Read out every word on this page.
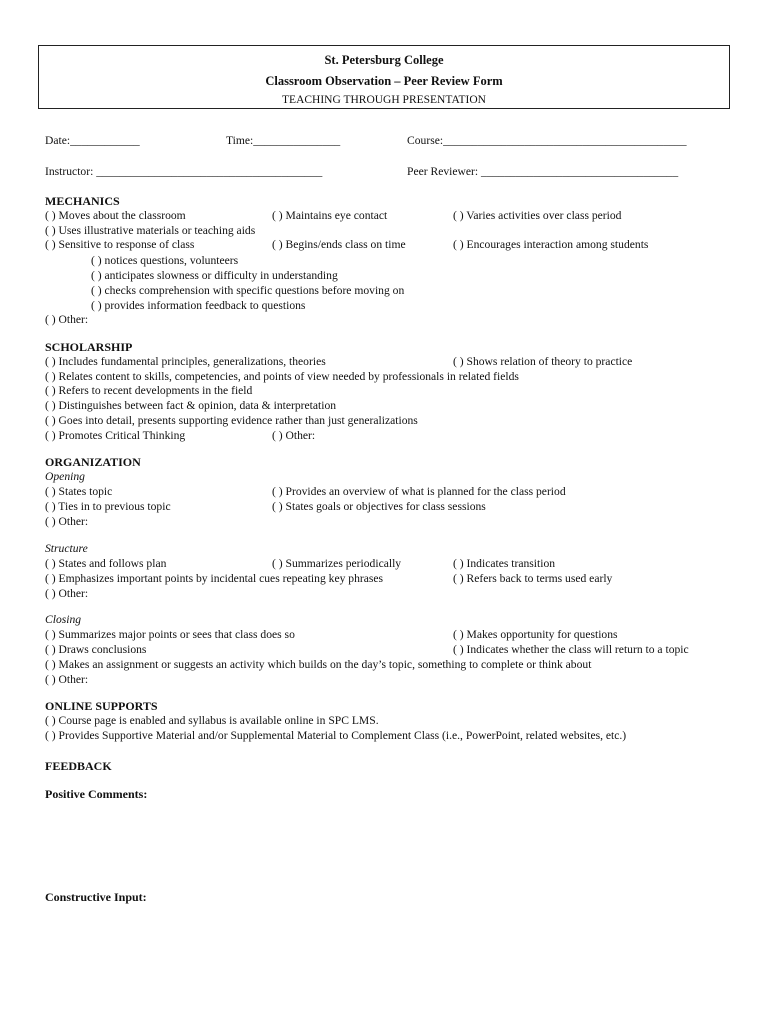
St. Petersburg College
Classroom Observation – Peer Review Form
TEACHING THROUGH PRESENTATION
Date:____________	Time:_______________	Course:__________________________________________
Instructor: _______________________________________	Peer Reviewer: __________________________________
MECHANICS
( ) Moves about the classroom	( ) Maintains eye contact	( ) Varies activities over class period
( ) Uses illustrative materials or teaching aids
( ) Sensitive to response of class	( ) Begins/ends class on time	( ) Encourages interaction among students
( ) notices questions, volunteers
( ) anticipates slowness or difficulty in understanding
( ) checks comprehension with specific questions before moving on
( ) provides information feedback to questions
( ) Other:
SCHOLARSHIP
( ) Includes fundamental principles, generalizations, theories	( ) Shows relation of theory to practice
( ) Relates content to skills, competencies, and points of view needed by professionals in related fields
( ) Refers to recent developments in the field
( ) Distinguishes between fact & opinion, data & interpretation
( ) Goes into detail, presents supporting evidence rather than just generalizations
( ) Promotes Critical Thinking	( ) Other:
ORGANIZATION
Opening
( ) States topic	( ) Provides an overview of what is planned for the class period
( ) Ties in to previous topic	( ) States goals or objectives for class sessions
( ) Other:
Structure
( ) States and follows plan	( ) Summarizes periodically	( ) Indicates transition
( ) Emphasizes important points by incidental cues repeating key phrases	( ) Refers back to terms used early
( ) Other:
Closing
( ) Summarizes major points or sees that class does so	( ) Makes opportunity for questions
( ) Draws conclusions	( ) Indicates whether the class will return to a topic
( ) Makes an assignment or suggests an activity which builds on the day’s topic, something to complete or think about
( ) Other:
ONLINE SUPPORTS
( ) Course page is enabled and syllabus is available online in SPC LMS.
( ) Provides Supportive Material and/or Supplemental Material to Complement Class (i.e., PowerPoint, related websites, etc.)
FEEDBACK
Positive Comments:
Constructive Input:
